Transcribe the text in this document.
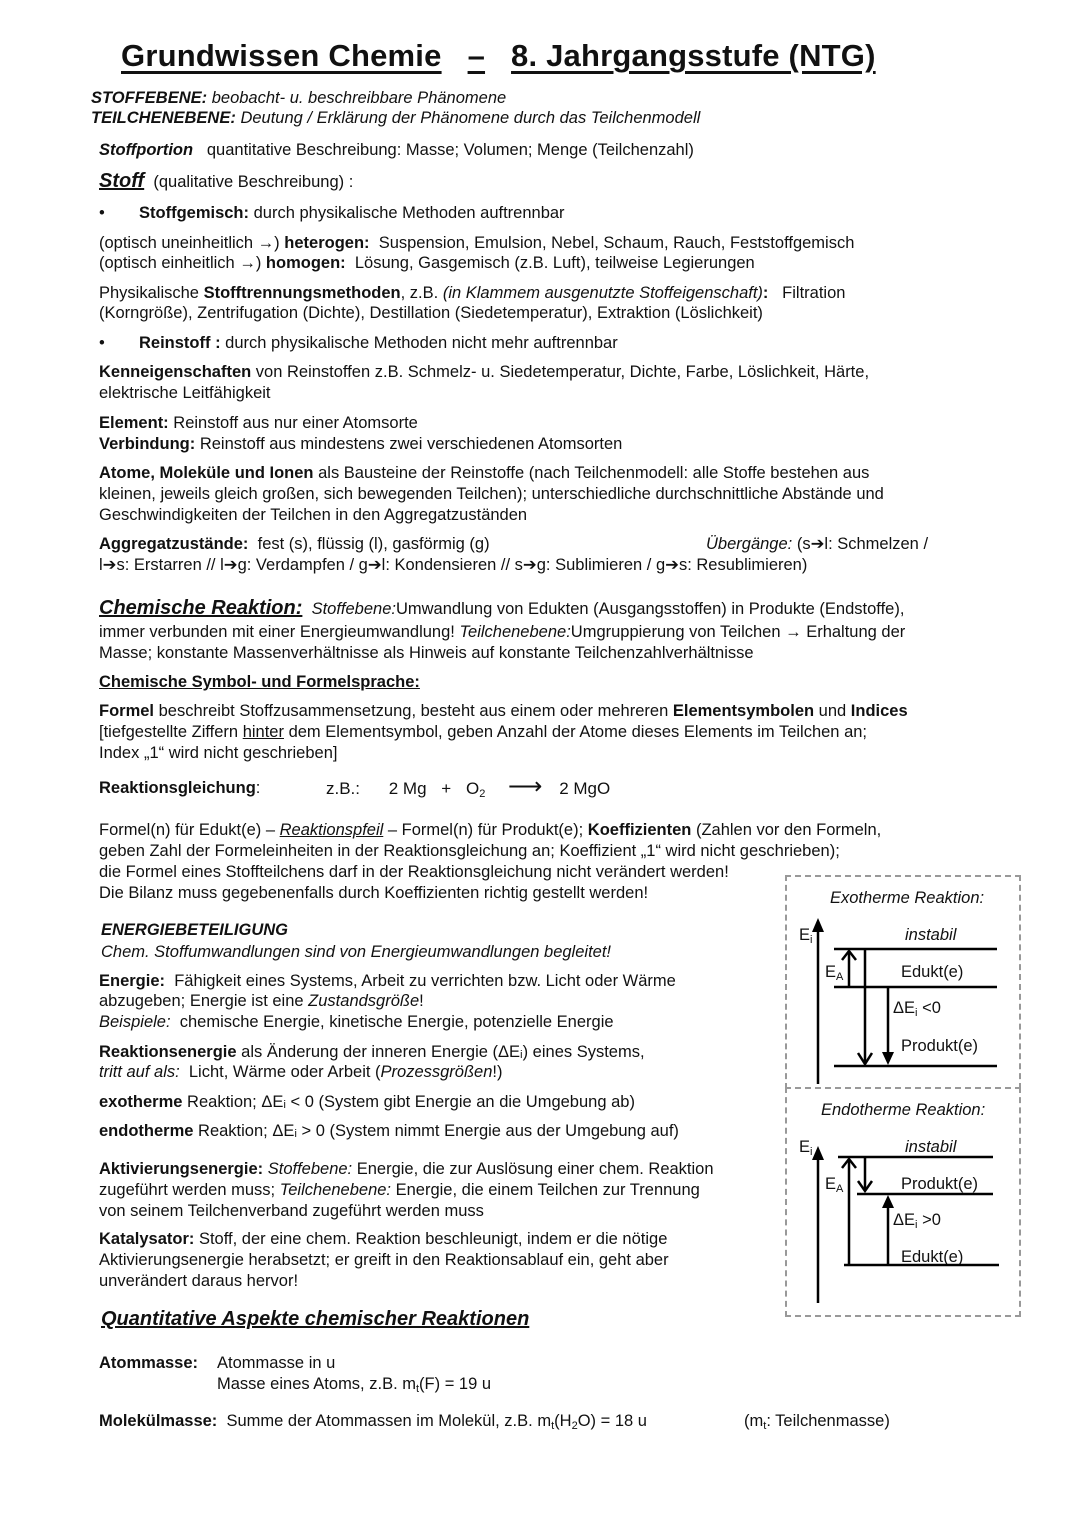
Grundwissen Chemie – 8. Jahrgangsstufe (NTG)
STOFFEBENE: beobacht- u. beschreibbare Phänomene
TEILCHENEBENE: Deutung / Erklärung der Phänomene durch das Teilchenmodell
Stoffportion quantitative Beschreibung: Masse; Volumen; Menge (Teilchenzahl)
Stoff (qualitative Beschreibung) :
• Stoffgemisch: durch physikalische Methoden auftrennbar
(optisch uneinheitlich →) heterogen: Suspension, Emulsion, Nebel, Schaum, Rauch, Feststoffgemisch
(optisch einheitlich →) homogen: Lösung, Gasgemisch (z.B. Luft), teilweise Legierungen
Physikalische Stofftrennungsmethoden, z.B. (in Klammem ausgenutzte Stoffeigenschaft): Filtration
(Korngröße), Zentrifugation (Dichte), Destillation (Siedetemperatur), Extraktion (Löslichkeit)
• Reinstoff : durch physikalische Methoden nicht mehr auftrennbar
Kenneigenschaften von Reinstoffen z.B. Schmelz- u. Siedetemperatur, Dichte, Farbe, Löslichkeit, Härte,
elektrische Leitfähigkeit
Element: Reinstoff aus nur einer Atomsorte
Verbindung: Reinstoff aus mindestens zwei verschiedenen Atomsorten
Atome, Moleküle und Ionen als Bausteine der Reinstoffe (nach Teilchenmodell: alle Stoffe bestehen aus
kleinen, jeweils gleich großen, sich bewegenden Teilchen); unterschiedliche durchschnittliche Abstände und
Geschwindigkeiten der Teilchen in den Aggregatzuständen
Aggregatzustände: fest (s), flüssig (l), gasförmig (g)	Übergänge: (s➔l: Schmelzen /
l➔s: Erstarren // l➔g: Verdampfen / g➔l: Kondensieren // s➔g: Sublimieren / g➔s: Resublimieren)
Chemische Reaktion: Stoffebene:Umwandlung von Edukten (Ausgangsstoffen) in Produkte (Endstoffe),
immer verbunden mit einer Energieumwandlung! Teilchenebene:Umgruppierung von Teilchen → Erhaltung der
Masse; konstante Massenverhältnisse als Hinweis auf konstante Teilchenzahlverhältnisse
Chemische Symbol- und Formelsprache:
Formel beschreibt Stoffzusammensetzung, besteht aus einem oder mehreren Elementsymbolen und Indices
[tiefgestellte Ziffern hinter dem Elementsymbol, geben Anzahl der Atome dieses Elements im Teilchen an;
Index „1“ wird nicht geschrieben]
Reaktionsgleichung:	z.B.: 2 $Mg + O_2$ ⟶ 2 MgO
Formel(n) für Edukt(e) – Reaktionspfeil – Formel(n) für Produkt(e); Koeffizienten (Zahlen vor den Formeln,
geben Zahl der Formeleinheiten in der Reaktionsgleichung an; Koeffizient „1“ wird nicht geschrieben);
die Formel eines Stoffteilchens darf in der Reaktionsgleichung nicht verändert werden!
Die Bilanz muss gegebenenfalls durch Koeffizienten richtig gestellt werden!
ENERGIEBETEILIGUNG
Chem. Stoffumwandlungen sind von Energieumwandlungen begleitet!
Energie: Fähigkeit eines Systems, Arbeit zu verrichten bzw. Licht oder Wärme
abzugeben; Energie ist eine Zustandsgröße!
Beispiele: chemische Energie, kinetische Energie, potenzielle Energie
Reaktionsenergie als Änderung der inneren Energie (ΔEᵢ) eines Systems,
tritt auf als: Licht, Wärme oder Arbeit (Prozessgrößen!)
exotherme Reaktion; ΔEᵢ < 0 (System gibt Energie an die Umgebung ab)
endotherme Reaktion; ΔEᵢ > 0 (System nimmt Energie aus der Umgebung auf)
Aktivierungsenergie: Stoffebene: Energie, die zur Auslösung einer chem. Reaktion
zugeführt werden muss; Teilchenebene: Energie, die einem Teilchen zur Trennung
von seinem Teilchenverband zugeführt werden muss
Katalysator: Stoff, der eine chem. Reaktion beschleunigt, indem er die nötige
Aktivierungsenergie herabsetzt; er greift in den Reaktionsablauf ein, geht aber
unverändert daraus hervor!
Quantitative Aspekte chemischer Reaktionen
Atommasse: Atommasse in u
Masse eines Atoms, z.B. $m_t(F) = 19$ u
Molekülmasse: Summe der Atommassen im Molekül, z.B. $m_t(H_2O) = 18$ u	($m_t$: Teilchenmasse)
Exotherme Reaktion:
$E_i$	instabil
$E_A$	Edukt(e)
$\Delta E_i <0$
Produkt(e)
Endotherme Reaktion:
$E_i$	instabil
$E_A$	Produkt(e)
$\Delta E_i >0$
Edukt(e)
